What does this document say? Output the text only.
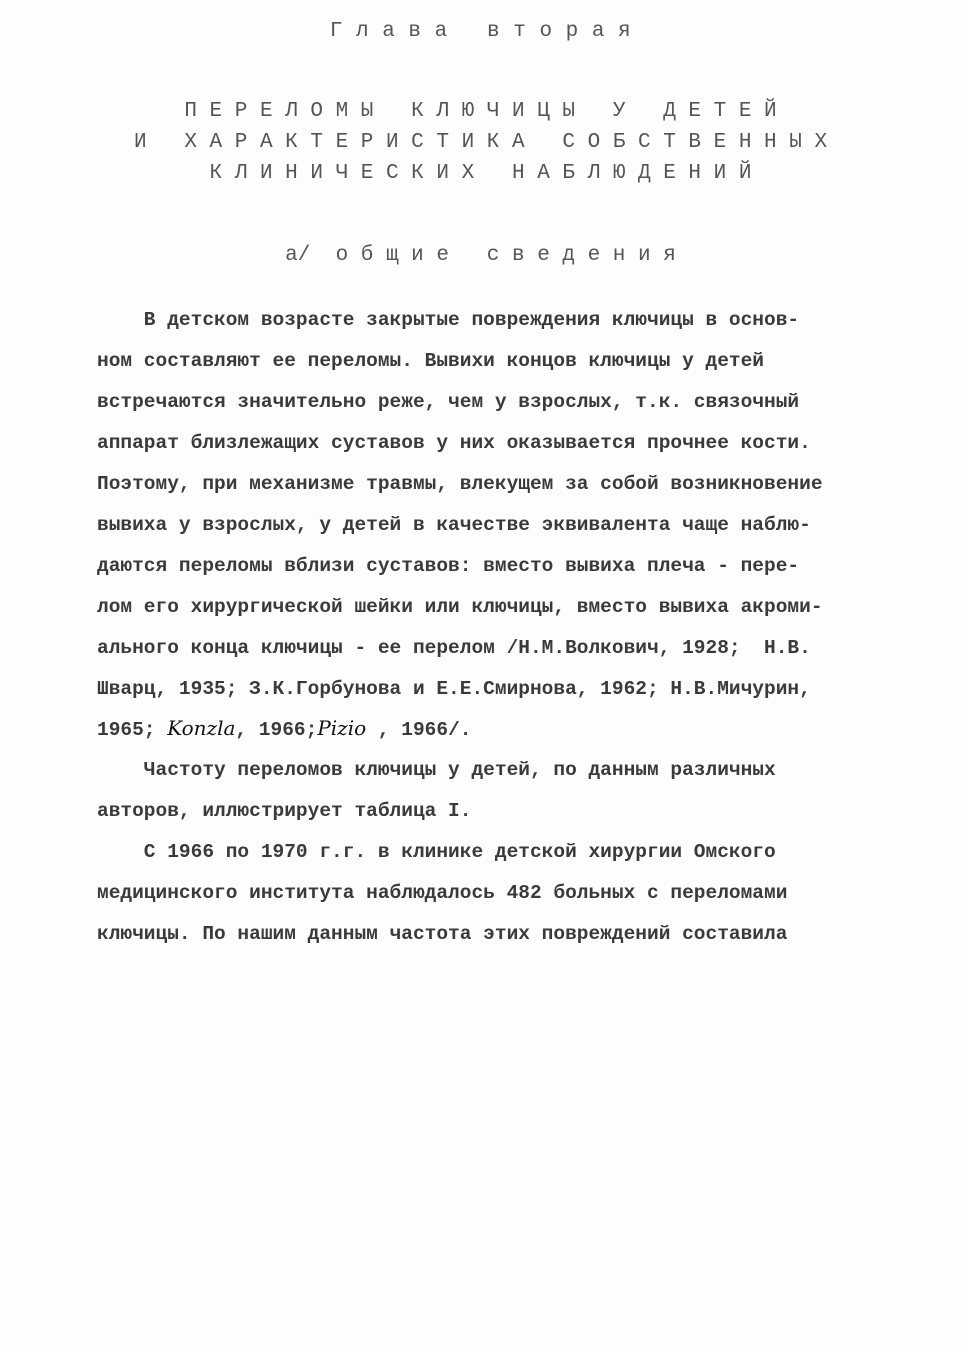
Г л а в а   в т о р а я
П Е Р Е Л О М Ы   К Л Ю Ч И Ц Ы   У   Д Е Т Е Й
И   Х А Р А К Т Е Р И С Т И К А   С О Б С Т В Е Н Н Ы Х
К Л И Н И Ч Е С К И Х   Н А Б Л Ю Д Е Н И Й
а/  о б щ и е   с в е д е н и я
В детском возрасте закрытые повреждения ключицы в основ-
ном составляют ее переломы. Вывихи концов ключицы у детей
встречаются значительно реже, чем у взрослых, т.к. связочный
аппарат близлежащих суставов у них оказывается прочнее кости.
Поэтому, при механизме травмы, влекущем за собой возникновение
вывиха у взрослых, у детей в качестве эквивалента чаще наблю-
даются переломы вблизи суставов: вместо вывиха плеча - пере-
лом его хирургической шейки или ключицы, вместо вывиха акроми-
ального конца ключицы - ее перелом /Н.М.Волкович, 1928;  Н.В.
Шварц, 1935; З.К.Горбунова и Е.Е.Смирнова, 1962; Н.В.Мичурин,
1965; Konzla, 1966;Pizio , 1966/.
Частоту переломов ключицы у детей, по данным различных
авторов, иллюстрирует таблица I.
С 1966 по 1970 г.г. в клинике детской хирургии Омского
медицинского института наблюдалось 482 больных с переломами
ключицы. По нашим данным частота этих повреждений составила
